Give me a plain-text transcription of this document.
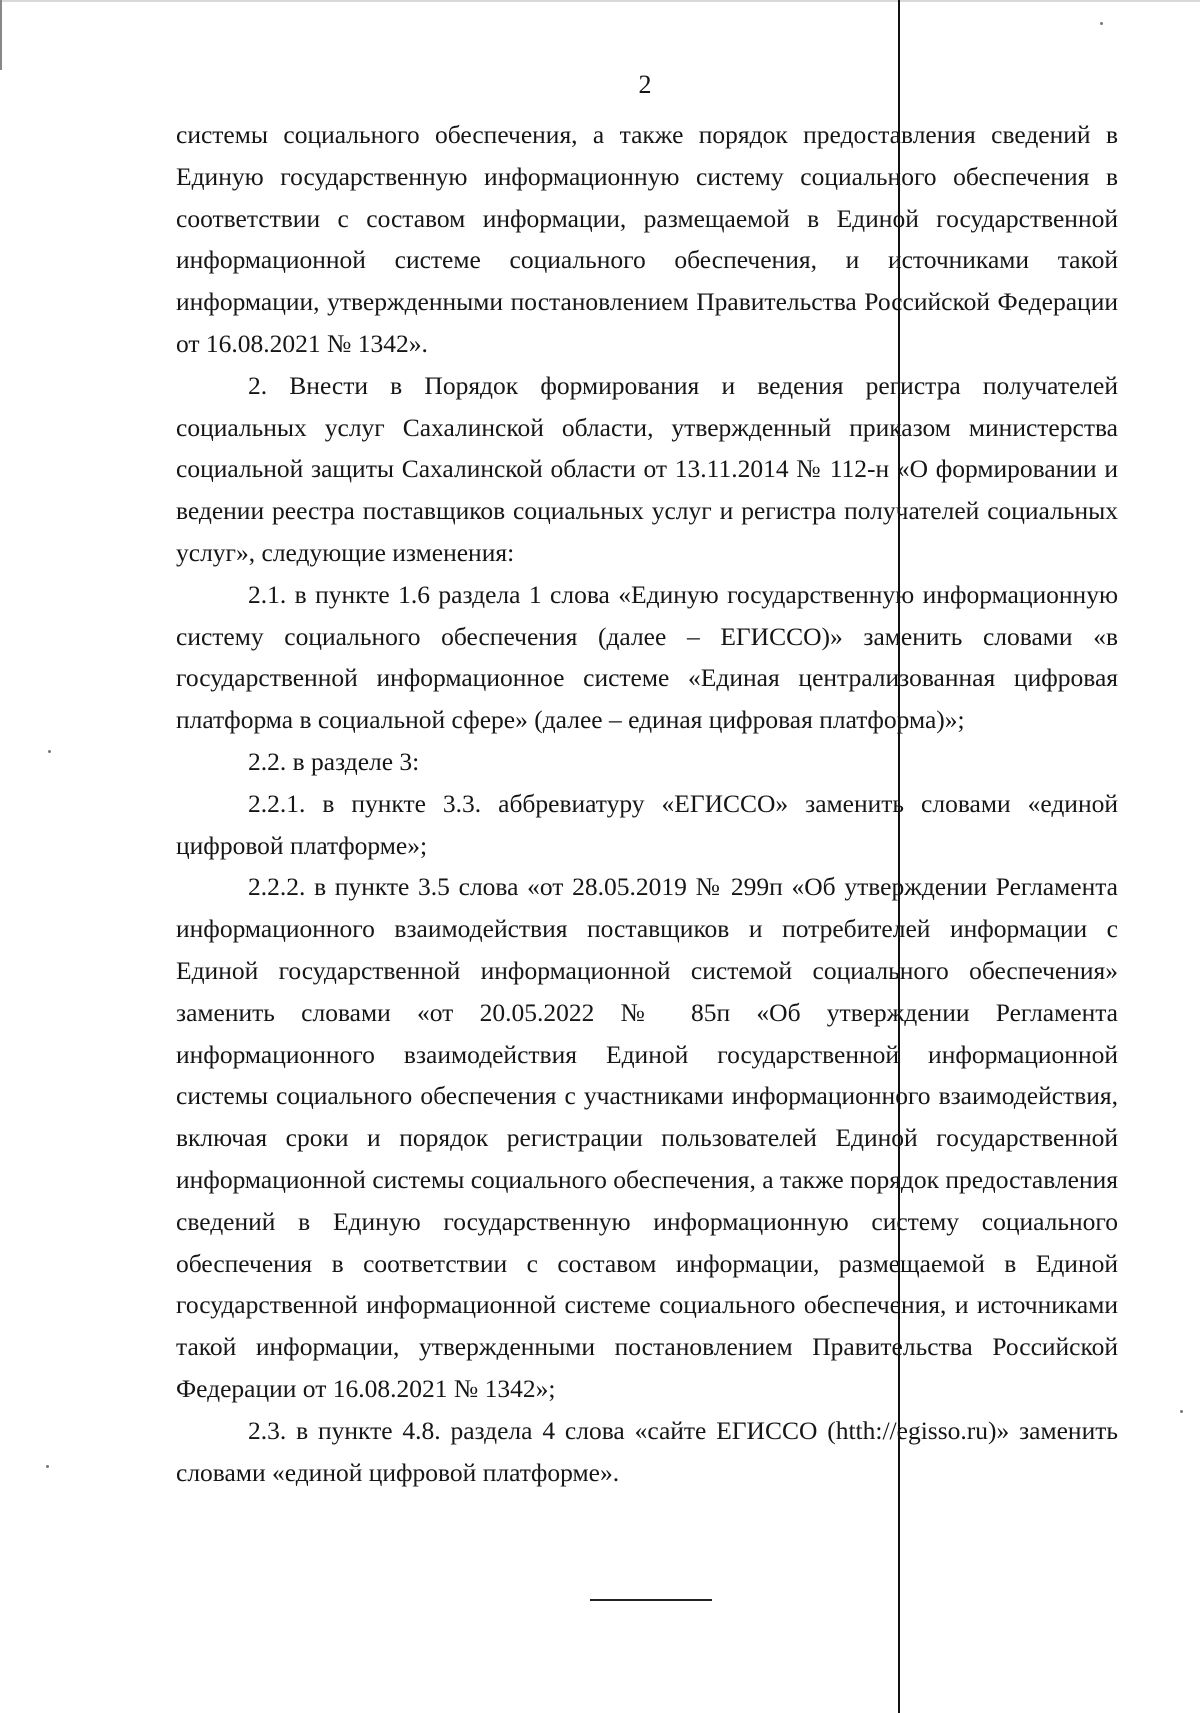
2

системы социального обеспечения, а также порядок предоставления сведений в Единую государственную информационную систему социального обеспечения в соответствии с составом информации, размещаемой в Единой государственной информационной системе социального обеспечения, и источниками такой информации, утвержденными постановлением Правительства Российской Федерации от 16.08.2021 № 1342».

2. Внести в Порядок формирования и ведения регистра получателей социальных услуг Сахалинской области, утвержденный приказом министерства социальной защиты Сахалинской области от 13.11.2014 № 112-н «О формировании и ведении реестра поставщиков социальных услуг и регистра получателей социальных услуг», следующие изменения:

2.1. в пункте 1.6 раздела 1 слова «Единую государственную информационную систему социального обеспечения (далее – ЕГИССО)» заменить словами «в государственной информационное системе «Единая централизованная цифровая платформа в социальной сфере» (далее – единая цифровая платформа)»;

2.2. в разделе 3:

2.2.1. в пункте 3.3. аббревиатуру «ЕГИССО» заменить словами «единой цифровой платформе»;

2.2.2. в пункте 3.5 слова «от 28.05.2019 № 299п «Об утверждении Регламента информационного взаимодействия поставщиков и потребителей информации с Единой государственной информационной системой социального обеспечения» заменить словами «от 20.05.2022 № 85п «Об утверждении Регламента информационного взаимодействия Единой государственной информационной системы социального обеспечения с участниками информационного взаимодействия, включая сроки и порядок регистрации пользователей Единой государственной информационной системы социального обеспечения, а также порядок предоставления сведений в Единую государственную информационную систему социального обеспечения в соответствии с составом информации, размещаемой в Единой государственной информационной системе социального обеспечения, и источниками такой информации, утвержденными постановлением Правительства Российской Федерации от 16.08.2021 № 1342»;

2.3. в пункте 4.8. раздела 4 слова «сайте ЕГИССО (htth://egisso.ru)» заменить словами «единой цифровой платформе».
